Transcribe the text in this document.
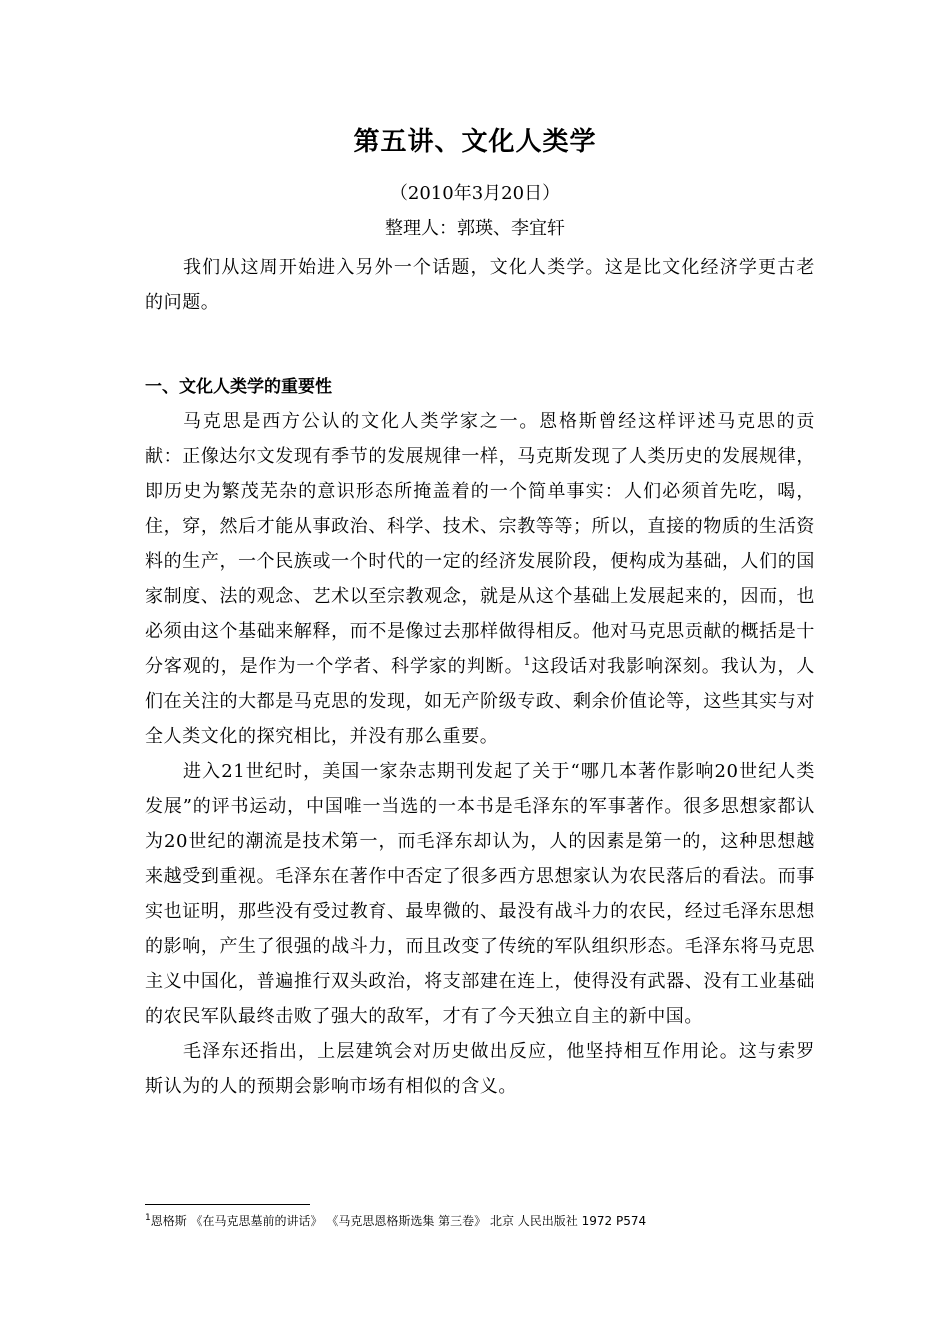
第五讲、文化人类学
（2010年3月20日）
整理人：郭瑛、李宜轩

我们从这周开始进入另外一个话题，文化人类学。这是比文化经济学更古老的问题。

一、文化人类学的重要性

马克思是西方公认的文化人类学家之一。恩格斯曾经这样评述马克思的贡献：正像达尔文发现有季节的发展规律一样，马克斯发现了人类历史的发展规律，即历史为繁茂芜杂的意识形态所掩盖着的一个简单事实：人们必须首先吃，喝，住，穿，然后才能从事政治、科学、技术、宗教等等；所以，直接的物质的生活资料的生产，一个民族或一个时代的一定的经济发展阶段，便构成为基础，人们的国家制度、法的观念、艺术以至宗教观念，就是从这个基础上发展起来的，因而，也必须由这个基础来解释，而不是像过去那样做得相反。他对马克思贡献的概括是十分客观的，是作为一个学者、科学家的判断。$^1$这段话对我影响深刻。我认为，人们在关注的大都是马克思的发现，如无产阶级专政、剩余价值论等，这些其实与对全人类文化的探究相比，并没有那么重要。

进入21世纪时，美国一家杂志期刊发起了关于“哪几本著作影响20世纪人类发展”的评书运动，中国唯一当选的一本书是毛泽东的军事著作。很多思想家都认为20世纪的潮流是技术第一，而毛泽东却认为，人的因素是第一的，这种思想越来越受到重视。毛泽东在著作中否定了很多西方思想家认为农民落后的看法。而事实也证明，那些没有受过教育、最卑微的、最没有战斗力的农民，经过毛泽东思想的影响，产生了很强的战斗力，而且改变了传统的军队组织形态。毛泽东将马克思主义中国化，普遍推行双头政治，将支部建在连上，使得没有武器、没有工业基础的农民军队最终击败了强大的敌军，才有了今天独立自主的新中国。

毛泽东还指出，上层建筑会对历史做出反应，他坚持相互作用论。这与索罗斯认为的人的预期会影响市场有相似的含义。

$^1$恩格斯 《在马克思墓前的讲话》 《马克思恩格斯选集 第三卷》 北京 人民出版社 1972 P574
